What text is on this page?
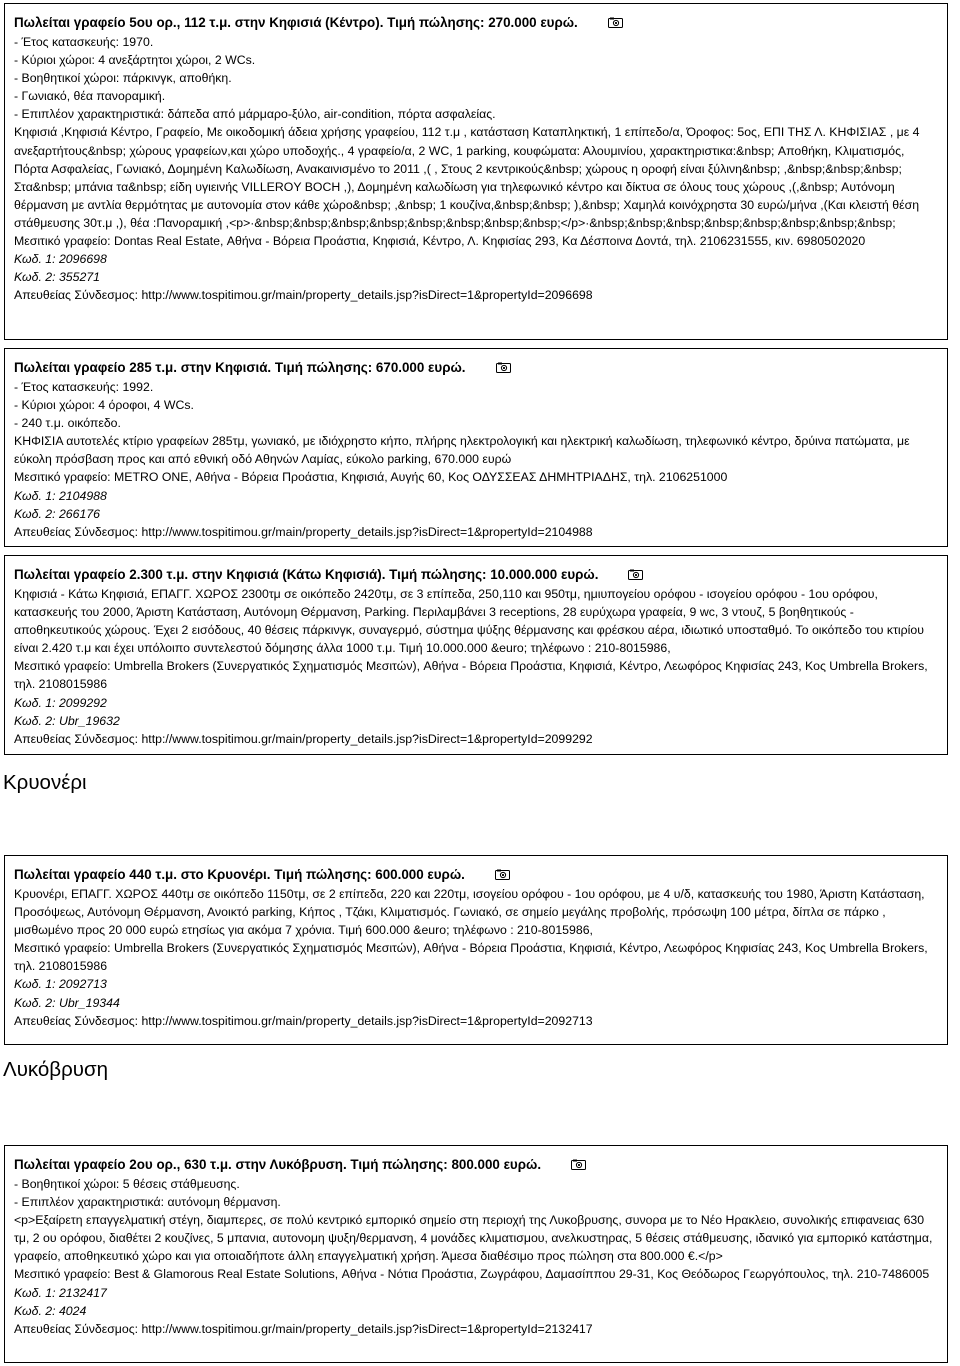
Πωλείται γραφείο 5ου ορ., 112 τ.μ. στην Κηφισιά (Κέντρο). Τιμή πώλησης: 270.000 ευρώ.
- Έτος κατασκευής: 1970.
- Κύριοι χώροι: 4 ανεξάρτητοι χώροι, 2 WCs.
- Βοηθητικοί χώροι: πάρκινγκ, αποθήκη.
- Γωνιακό, θέα πανοραμική.
- Επιπλέον χαρακτηριστικά: δάπεδα από μάρμαρο-ξύλο, air-condition, πόρτα ασφαλείας.
Κηφισιά ,Κηφισιά Κέντρο, Γραφείο, Με οικοδομική άδεια χρήσης γραφείου, 112 τ.μ , κατάσταση Καταπληκτική, 1 επίπεδο/α, Όροφος: 5ος, ΕΠΙ ΤΗΣ Λ. ΚΗΦΙΣΙΑΣ , με 4 ανεξαρτήτους&nbsp; χώρους γραφείων,και χώρο υποδοχής., 4 γραφείο/α, 2 WC, 1 parking, κουφώματα: Αλουμινίου, χαρακτηριστικα:&nbsp; Αποθήκη, Κλιματισμός, Πόρτα Ασφαλείας, Γωνιακό, Δομημένη Καλωδίωση, Ανακαινισμένο το 2011 ,( , Στους 2 κεντρικούς&nbsp; χώρους η οροφή είναι ξύλινη&nbsp; ,&nbsp;&nbsp;&nbsp; Στα&nbsp; μπάνια τα&nbsp; είδη υγιεινής VILLEROY BOCH ,), Δομημένη καλωδίωση για τηλεφωνικό κέντρο και δίκτυα σε όλους τους χώρους ,(,&nbsp; Αυτόνομη θέρμανση με αντλία θερμότητας με αυτονομία στον κάθε χώρο&nbsp; ,&nbsp; 1 κουζίνα,&nbsp;&nbsp; ),&nbsp; Χαμηλά κοινόχρηστα 30 ευρώ/μήνα ,(Και κλειστή θέση στάθμευσης 30τ.μ ,), θέα :Πανοραμική ,<p>·&nbsp;&nbsp;&nbsp;&nbsp;&nbsp;&nbsp;&nbsp;&nbsp;</p>·&nbsp;&nbsp;&nbsp;&nbsp;&nbsp;&nbsp;&nbsp;&nbsp;
Μεσιτικό γραφείο: Dontas Real Estate, Αθήνα - Βόρεια Προάστια, Κηφισιά, Κέντρο, Λ. Κηφισίας 293, Κα Δέσποινα Δοντά, τηλ. 2106231555, κιν. 6980502020
Κωδ. 1: 2096698
Κωδ. 2: 355271
Απευθείας Σύνδεσμος: http://www.tospitimou.gr/main/property_details.jsp?isDirect=1&propertyId=2096698
Πωλείται γραφείο 285 τ.μ. στην Κηφισιά. Τιμή πώλησης: 670.000 ευρώ.
- Έτος κατασκευής: 1992.
- Κύριοι χώροι: 4 όροφοι, 4 WCs.
- 240 τ.μ. οικόπεδο.
ΚΗΦΙΣΙΑ αυτοτελές κτίριο γραφείων 285τμ, γωνιακό, με ιδιόχρηστο κήπο, πλήρης ηλεκτρολογική και ηλεκτρική καλωδίωση, τηλεφωνικό κέντρο, δρύινα πατώματα, με εύκολη πρόσβαση προς και από εθνική οδό Αθηνών Λαμίας, εύκολο parking, 670.000 ευρώ
Μεσιτικό γραφείο: METRO ONE, Αθήνα - Βόρεια Προάστια, Κηφισιά, Αυγής 60, Κος ΟΔΥΣΣΕΑΣ ΔΗΜΗΤΡΙΑΔΗΣ, τηλ. 2106251000
Κωδ. 1: 2104988
Κωδ. 2: 266176
Απευθείας Σύνδεσμος: http://www.tospitimou.gr/main/property_details.jsp?isDirect=1&propertyId=2104988
Πωλείται γραφείο 2.300 τ.μ. στην Κηφισιά (Κάτω Κηφισιά). Τιμή πώλησης: 10.000.000 ευρώ.
Κηφισιά - Κάτω Κηφισιά, ΕΠΑΓΓ. ΧΩΡΟΣ 2300τμ σε οικόπεδο 2420τμ, σε 3 επίπεδα, 250,110 και 950τμ, ημιυπογείου ορόφου - ισογείου ορόφου - 1ου ορόφου, κατασκευής του 2000, Άριστη Κατάσταση, Αυτόνομη Θέρμανση, Parking. Περιλαμβάνει 3 receptions, 28 ευρύχωρα γραφεία, 9 wc, 3 ντουζ, 5 βοηθητικούς - αποθηκευτικούς χώρους. Έχει 2 εισόδους, 40 θέσεις πάρκινγκ, συναγερμό, σύστημα ψύξης θέρμανσης και φρέσκου αέρα, ιδιωτικό υποσταθμό. Το οικόπεδο του κτιρίου είναι 2.420 τ.μ και έχει υπόλοιπο συντελεστού δόμησης άλλα 1000 τ.μ. Τιμή 10.000.000 &euro; τηλέφωνο : 210-8015986,
Μεσιτικό γραφείο: Umbrella Brokers (Συνεργατικός Σχηματισμός Μεσιτών), Αθήνα - Βόρεια Προάστια, Κηφισιά, Κέντρο, Λεωφόρος Κηφισίας 243, Κος Umbrella Brokers, τηλ. 2108015986
Κωδ. 1: 2099292
Κωδ. 2: Ubr_19632
Απευθείας Σύνδεσμος: http://www.tospitimou.gr/main/property_details.jsp?isDirect=1&propertyId=2099292
Κρυονέρι
Πωλείται γραφείο 440 τ.μ. στο Κρυονέρι. Τιμή πώλησης: 600.000 ευρώ.
Κρυονέρι, ΕΠΑΓΓ. ΧΩΡΟΣ 440τμ σε οικόπεδο 1150τμ, σε 2 επίπεδα, 220 και 220τμ, ισογείου ορόφου - 1ου ορόφου, με 4 υ/δ, κατασκευής του 1980, Άριστη Κατάσταση, Προσόψεως, Αυτόνομη Θέρμανση, Ανοικτό parking, Κήπος , Τζάκι, Κλιματισμός. Γωνιακό, σε σημείο μεγάλης προβολής, πρόσωψη 100 μέτρα, δίπλα σε πάρκο , μισθωμένο προς 20 000 ευρώ ετησίως για ακόμα 7 χρόνια. Τιμή 600.000 &euro; τηλέφωνο : 210-8015986,
Μεσιτικό γραφείο: Umbrella Brokers (Συνεργατικός Σχηματισμός Μεσιτών), Αθήνα - Βόρεια Προάστια, Κηφισιά, Κέντρο, Λεωφόρος Κηφισίας 243, Κος Umbrella Brokers, τηλ. 2108015986
Κωδ. 1: 2092713
Κωδ. 2: Ubr_19344
Απευθείας Σύνδεσμος: http://www.tospitimou.gr/main/property_details.jsp?isDirect=1&propertyId=2092713
Λυκόβρυση
Πωλείται γραφείο 2ου ορ., 630 τ.μ. στην Λυκόβρυση. Τιμή πώλησης: 800.000 ευρώ.
- Βοηθητικοί χώροι: 5 θέσεις στάθμευσης.
- Επιπλέον χαρακτηριστικά: αυτόνομη θέρμανση.
<p>Εξαίρετη επαγγελματική στέγη, διαμπερες, σε πολύ κεντρικό εμπορικό σημείο στη περιοχή της Λυκοβρυσης, συνορα με το Νέο Ηρακλειο, συνολικής επιφανειας 630 τμ, 2 ου ορόφου, διαθέτει 2 κουζίνες, 5 μπανια, αυτονομη ψυξη/θερμανση, 4 μονάδες κλιματισμου, ανελκυστηρας, 5 θέσεις στάθμευσης, ιδανικό για εμπορικό κατάστημα, γραφείο, αποθηκευτικό χώρο και για οποιαδήποτε άλλη επαγγελματική χρήση. Άμεσα διαθέσιμο προς πώληση στα 800.000 €.</p>
Μεσιτικό γραφείο: Best & Glamorous Real Estate Solutions, Αθήνα - Νότια Προάστια, Ζωγράφου, Δαμασίππου 29-31, Κος Θεόδωρος Γεωργόπουλος, τηλ. 210-7486005
Κωδ. 1: 2132417
Κωδ. 2: 4024
Απευθείας Σύνδεσμος: http://www.tospitimou.gr/main/property_details.jsp?isDirect=1&propertyId=2132417
